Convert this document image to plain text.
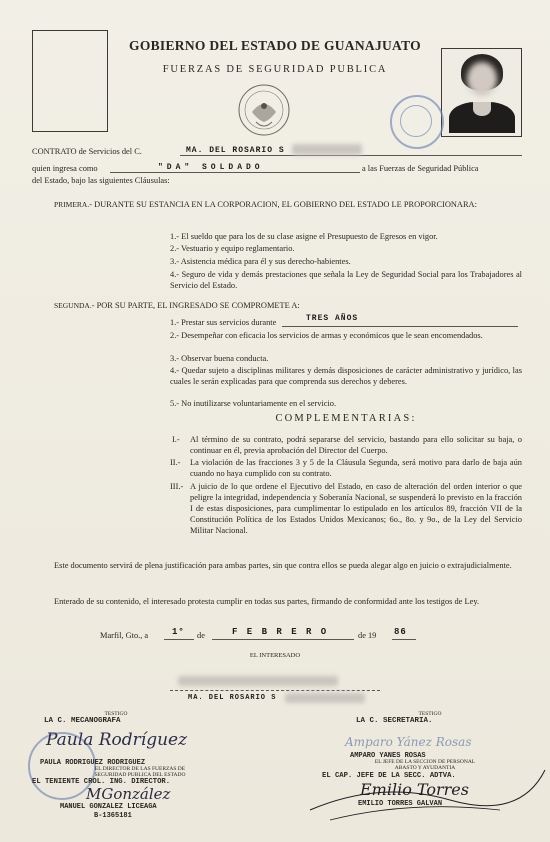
GOBIERNO DEL ESTADO DE GUANAJUATO
FUERZAS DE SEGURIDAD PUBLICA
CONTRATO de Servicios del C.	MA. DEL ROSARIO S
quien ingresa como	"DA" SOLDADO	a las Fuerzas de Seguridad Pública
del Estado, bajo las siguientes Cláusulas:
PRIMERA.- DURANTE SU ESTANCIA EN LA CORPORACION, EL GOBIERNO DEL ESTADO LE PROPORCIONARA:
1.- El sueldo que para los de su clase asigne el Presupuesto de Egresos en vigor.
2.- Vestuario y equipo reglamentario.
3.- Asistencia médica para él y sus derecho-habientes.
4.- Seguro de vida y demás prestaciones que señala la Ley de Seguridad Social para los Trabajadores al Servicio del Estado.
SEGUNDA.- POR SU PARTE, EL INGRESADO SE COMPROMETE A:
1.- Prestar sus servicios durante	TRES AÑOS
2.- Desempeñar con eficacia los servicios de armas y económicos que le sean encomendados.
3.- Observar buena conducta.
4.- Quedar sujeto a disciplinas militares y demás disposiciones de carácter administrativo y jurídico, las cuales le serán explicadas para que comprenda sus derechos y deberes.
5.- No inutilizarse voluntariamente en el servicio.
COMPLEMENTARIAS:
I.- Al término de su contrato, podrá separarse del servicio, bastando para ello solicitar su baja, o continuar en él, previa aprobación del Director del Cuerpo.
II.- La violación de las fracciones 3 y 5 de la Cláusula Segunda, será motivo para darlo de baja aún cuando no haya cumplido con su contrato.
III.- A juicio de lo que ordene el Ejecutivo del Estado, en caso de alteración del orden interior o que peligre la integridad, independencia y Soberanía Nacional, se suspenderá lo previsto en la fracción I de estas disposiciones, para cumplimentar lo estipulado en los artículos 89, fracción VII de la Constitución Política de los Estados Unidos Mexicanos; 6o., 8o. y 9o., de la Ley del Servicio Militar Nacional.
Este documento servirá de plena justificación para ambas partes, sin que contra ellos se pueda alegar algo en juicio o extrajudicialmente.
Enterado de su contenido, el interesado protesta cumplir en todas sus partes, firmando de conformidad ante los testigos de Ley.
Marfil, Gto., a	1° de	F E B R E R O	de 19 86
EL INTERESADO
MA. DEL ROSARIO S
TESTIGO
LA C. MECANOGRAFA
Paula Rodríguez
PAULA RODRIGUEZ RODRIGUEZ
EL DIRECTOR DE LAS FUERZAS DE
SEGURIDAD PUBLICA DEL ESTADO
EL TENIENTE CROL. ING. DIRECTOR.
MGonzález
MANUEL GONZALEZ LICEAGA
B-1365181
TESTIGO
LA C. SECRETARIA.
Amparo Yánez Rosas
AMPARO YANES ROSAS
EL JEFE DE LA SECCION DE PERSONAL
ABASTO Y AYUDANTIA
EL CAP. JEFE DE LA SECC. ADTVA.
Emilio Torres
EMILIO TORRES GALVAN
